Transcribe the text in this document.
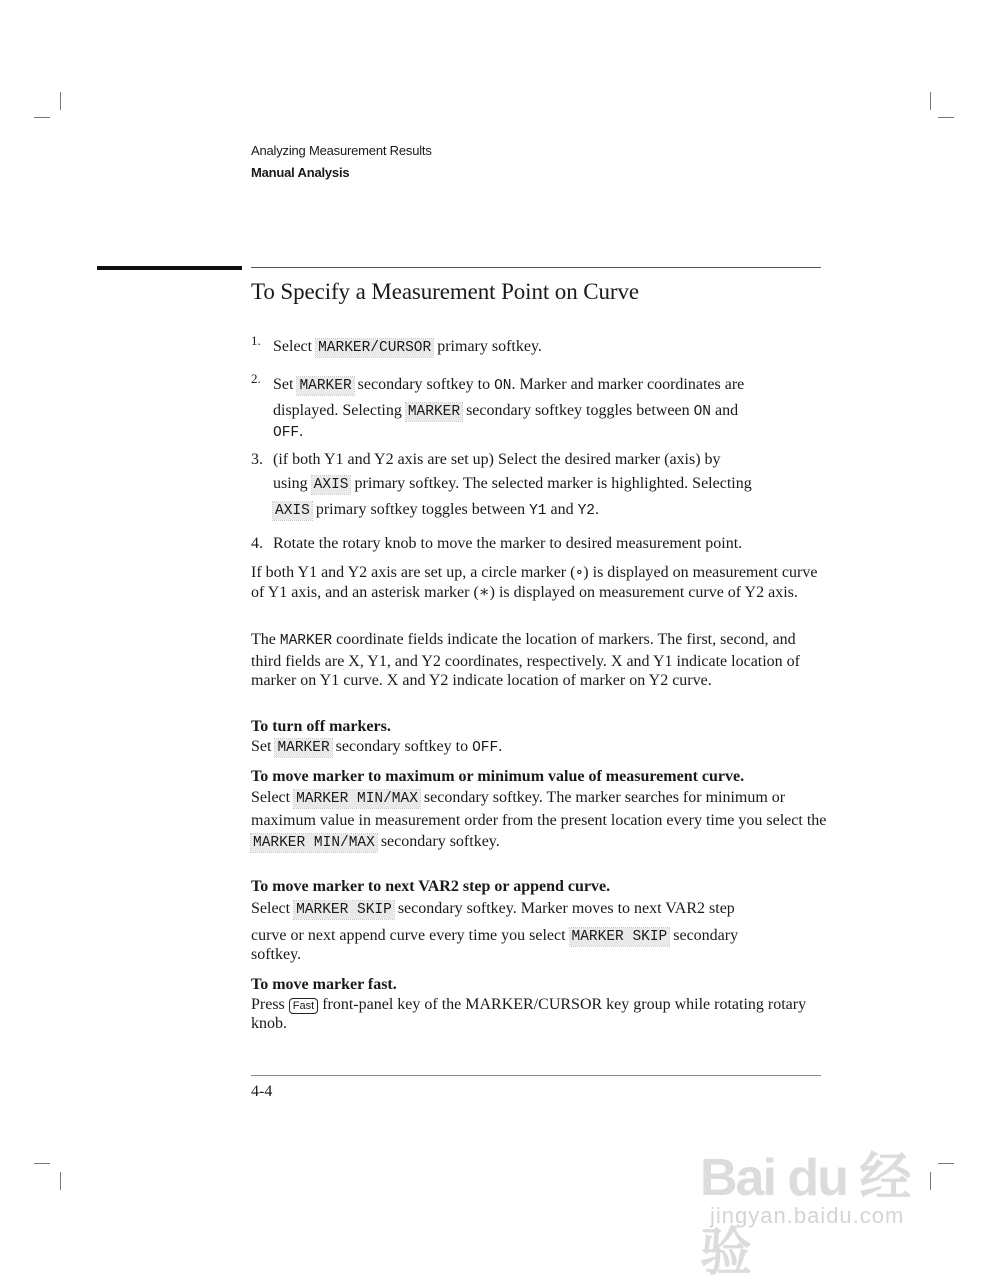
Analyzing Measurement Results
Manual Analysis
To Specify a Measurement Point on Curve
1. Select MARKER/CURSOR primary softkey.
2. Set MARKER secondary softkey to ON. Marker and marker coordinates are
displayed. Selecting MARKER secondary softkey toggles between ON and
OFF.
3. (if both Y1 and Y2 axis are set up) Select the desired marker (axis) by
using AXIS primary softkey. The selected marker is highlighted. Selecting
AXIS primary softkey toggles between Y1 and Y2.
4. Rotate the rotary knob to move the marker to desired measurement point.
If both Y1 and Y2 axis are set up, a circle marker (∘) is displayed on measurement curve of Y1 axis, and an asterisk marker (∗) is displayed on measurement curve of Y2 axis.
The MARKER coordinate fields indicate the location of markers. The first, second, and third fields are X, Y1, and Y2 coordinates, respectively. X and Y1 indicate location of marker on Y1 curve. X and Y2 indicate location of marker on Y2 curve.
To turn off markers.
Set MARKER secondary softkey to OFF.
To move marker to maximum or minimum value of measurement curve.
Select MARKER MIN/MAX secondary softkey. The marker searches for minimum or maximum value in measurement order from the present location every time you select the MARKER MIN/MAX secondary softkey.
To move marker to next VAR2 step or append curve.
Select MARKER SKIP secondary softkey. Marker moves to next VAR2 step
curve or next append curve every time you select MARKER SKIP secondary
softkey.
To move marker fast.
Press Fast front-panel key of the MARKER/CURSOR key group while rotating rotary knob.
4-4
Bai du 经验
jingyan.baidu.com
